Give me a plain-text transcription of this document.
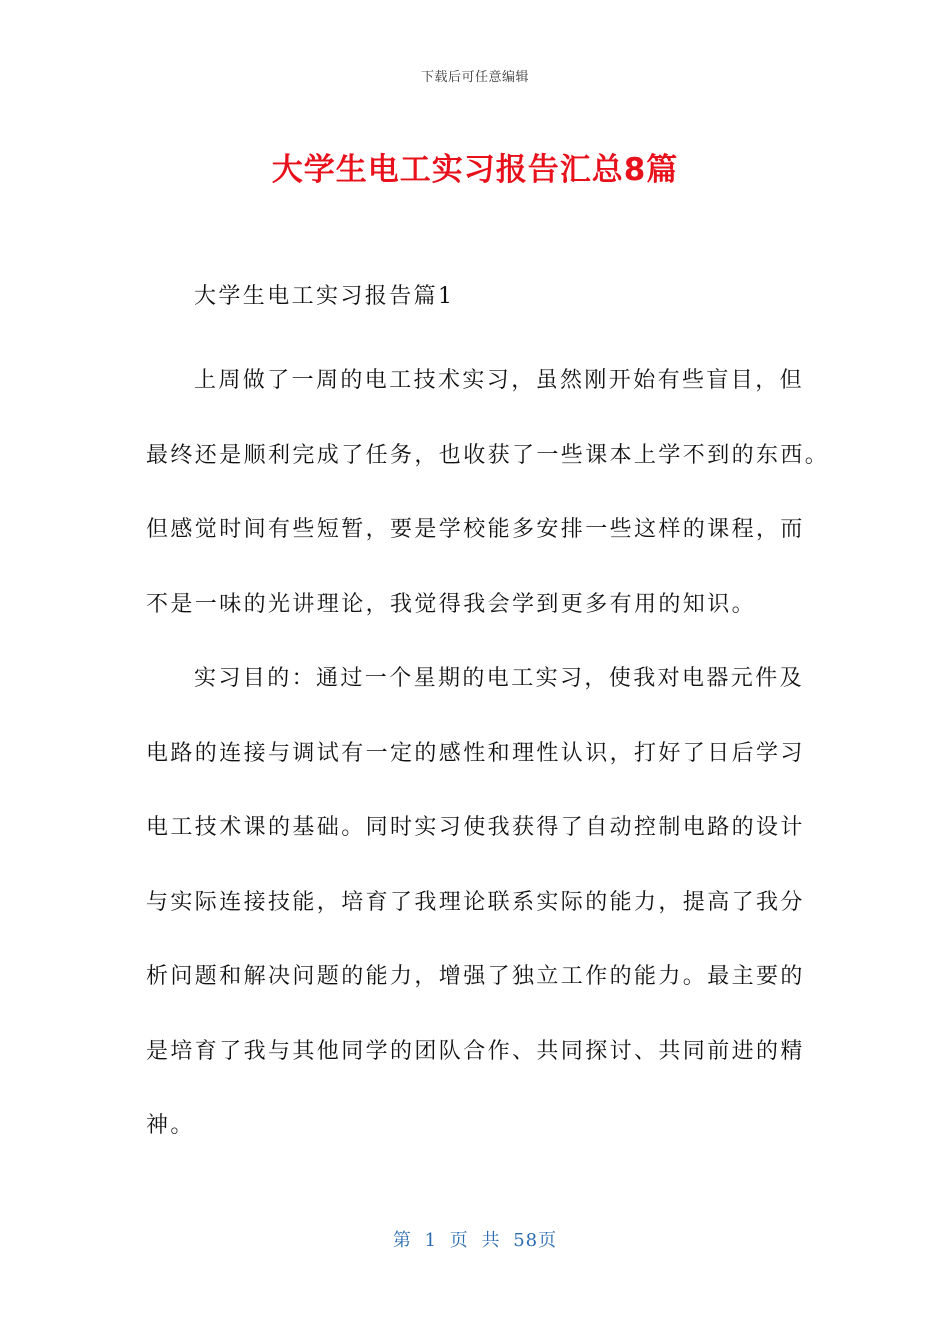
下载后可任意编辑
大学生电工实习报告汇总8篇

大学生电工实习报告篇1

上周做了一周的电工技术实习，虽然刚开始有些盲目，但
最终还是顺利完成了任务，也收获了一些课本上学不到的东西。
但感觉时间有些短暂，要是学校能多安排一些这样的课程，而
不是一味的光讲理论，我觉得我会学到更多有用的知识。

实习目的：通过一个星期的电工实习，使我对电器元件及
电路的连接与调试有一定的感性和理性认识，打好了日后学习
电工技术课的基础。同时实习使我获得了自动控制电路的设计
与实际连接技能，培育了我理论联系实际的能力，提高了我分
析问题和解决问题的能力，增强了独立工作的能力。最主要的
是培育了我与其他同学的团队合作、共同探讨、共同前进的精
神。

第 1 页 共 58页
